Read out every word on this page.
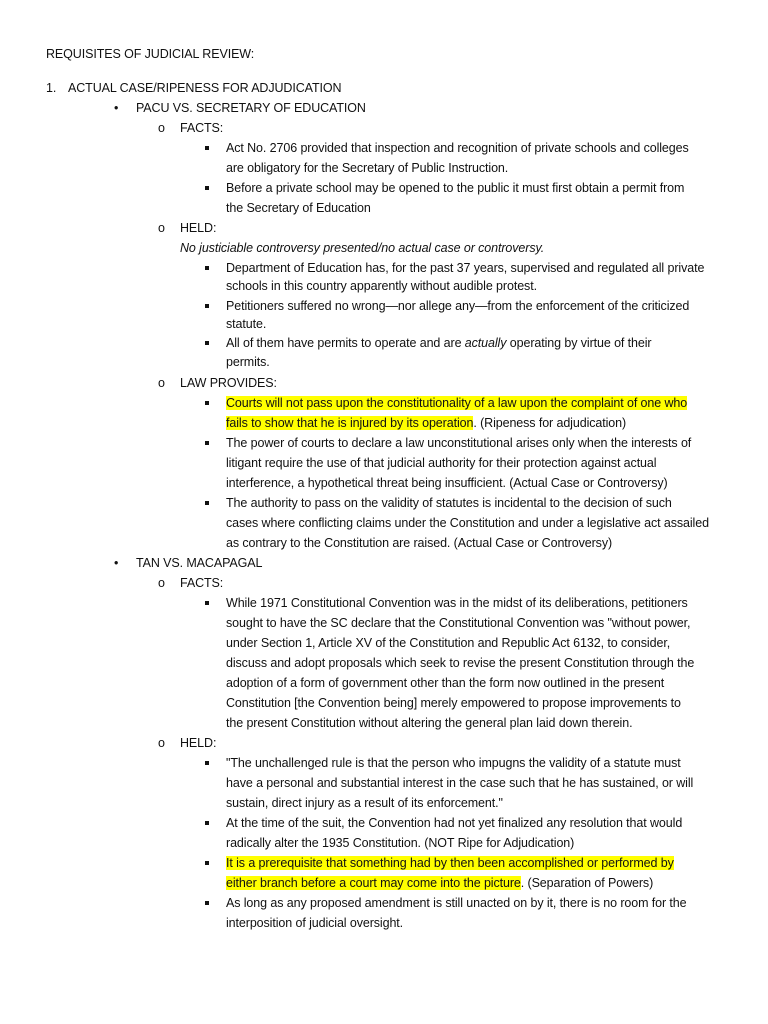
REQUISITES OF JUDICIAL REVIEW:
1. ACTUAL CASE/RIPENESS FOR ADJUDICATION
• PACU VS. SECRETARY OF EDUCATION
o FACTS:
Act No. 2706 provided that inspection and recognition of private schools and colleges
are obligatory for the Secretary of Public Instruction.
Before a private school may be opened to the public it must first obtain a permit from
the Secretary of Education
o HELD:
No justiciable controversy presented/no actual case or controversy.
Department of Education has, for the past 37 years, supervised and regulated all private
schools in this country apparently without audible protest.
Petitioners suffered no wrong—nor allege any—from the enforcement of the criticized
statute.
All of them have permits to operate and are actually operating by virtue of their
permits.
o LAW PROVIDES:
Courts will not pass upon the constitutionality of a law upon the complaint of one who
fails to show that he is injured by its operation. (Ripeness for adjudication)
The power of courts to declare a law unconstitutional arises only when the interests of
litigant require the use of that judicial authority for their protection against actual
interference, a hypothetical threat being insufficient. (Actual Case or Controversy)
The authority to pass on the validity of statutes is incidental to the decision of such
cases where conflicting claims under the Constitution and under a legislative act assailed
as contrary to the Constitution are raised. (Actual Case or Controversy)
• TAN VS. MACAPAGAL
o FACTS:
While 1971 Constitutional Convention was in the midst of its deliberations, petitioners
sought to have the SC declare that the Constitutional Convention was "without power,
under Section 1, Article XV of the Constitution and Republic Act 6132, to consider,
discuss and adopt proposals which seek to revise the present Constitution through the
adoption of a form of government other than the form now outlined in the present
Constitution [the Convention being] merely empowered to propose improvements to
the present Constitution without altering the general plan laid down therein.
o HELD:
"The unchallenged rule is that the person who impugns the validity of a statute must
have a personal and substantial interest in the case such that he has sustained, or will
sustain, direct injury as a result of its enforcement."
At the time of the suit, the Convention had not yet finalized any resolution that would
radically alter the 1935 Constitution. (NOT Ripe for Adjudication)
It is a prerequisite that something had by then been accomplished or performed by
either branch before a court may come into the picture. (Separation of Powers)
As long as any proposed amendment is still unacted on by it, there is no room for the
interposition of judicial oversight.
